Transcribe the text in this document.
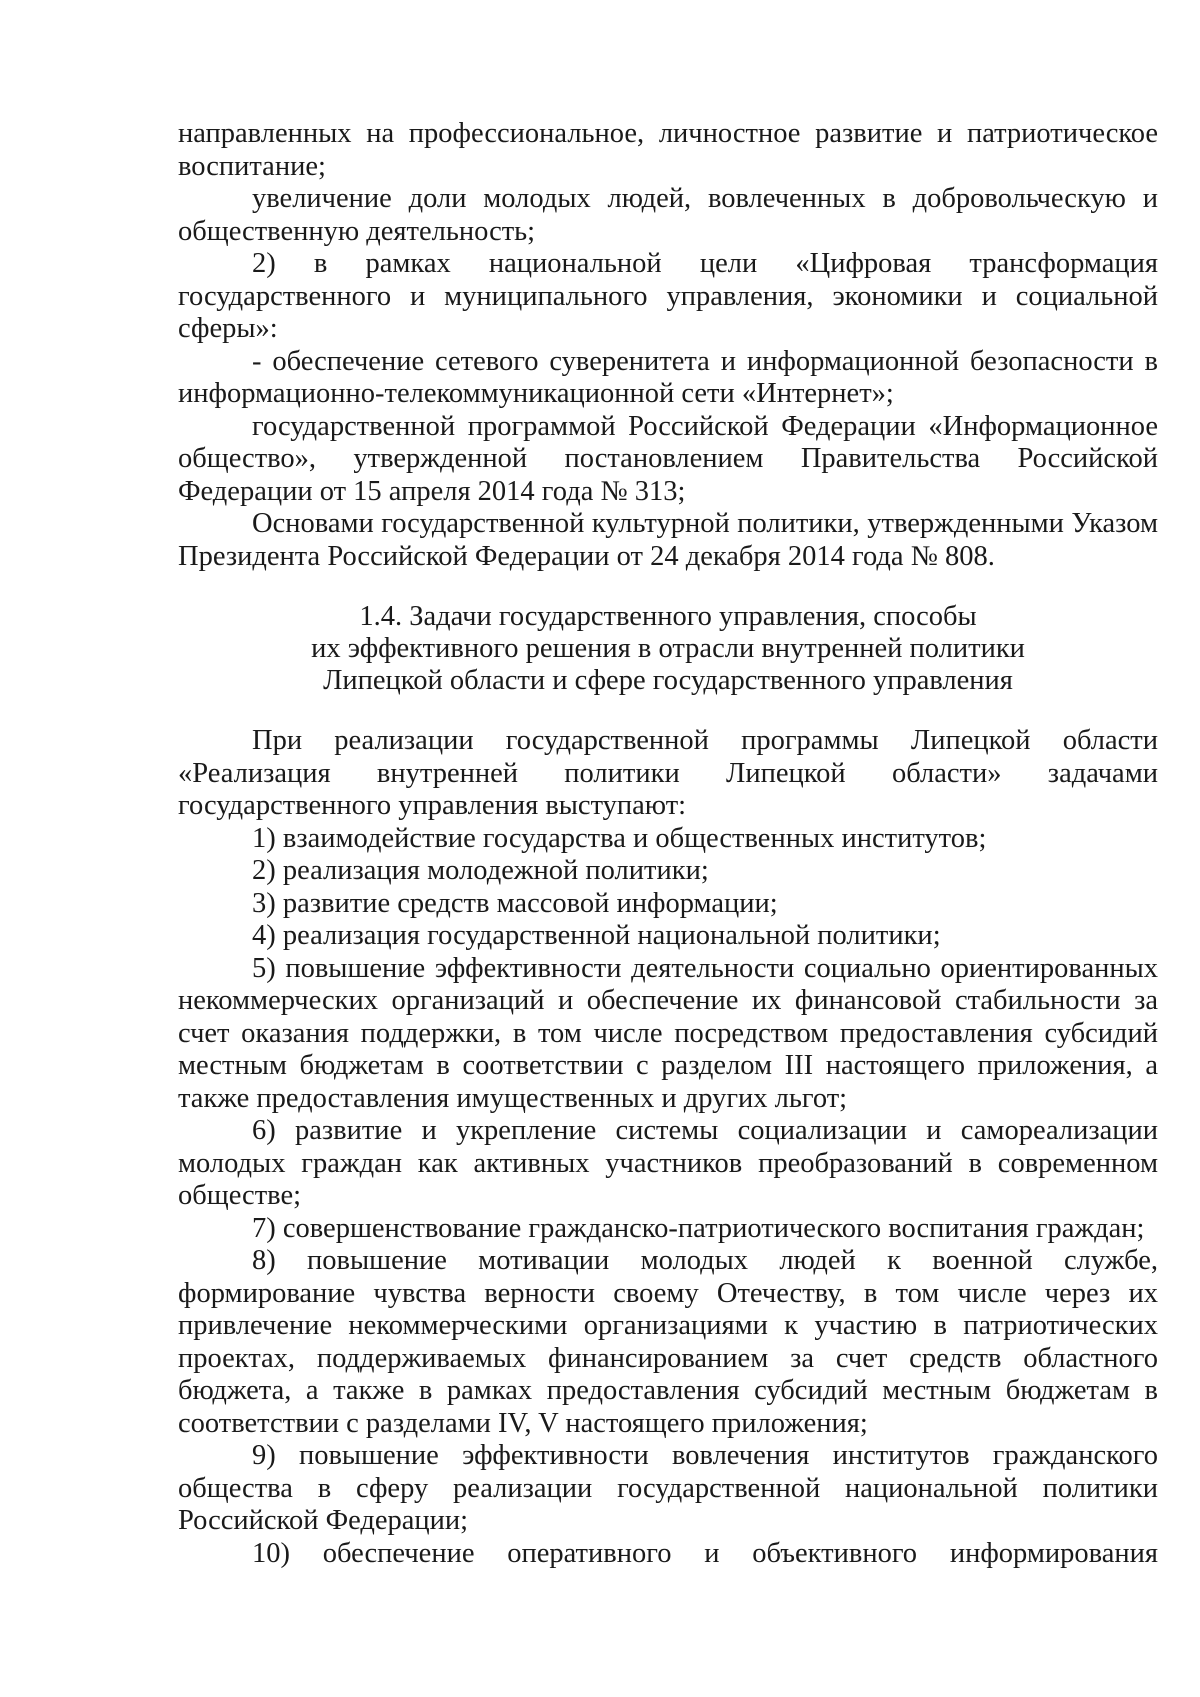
направленных на профессиональное, личностное развитие и патриотическое воспитание;

увеличение доли молодых людей, вовлеченных в добровольческую и общественную деятельность;

2) в рамках национальной цели «Цифровая трансформация государственного и муниципального управления, экономики и социальной сферы»:

- обеспечение сетевого суверенитета и информационной безопасности в информационно-телекоммуникационной сети «Интернет»;

государственной программой Российской Федерации «Информационное общество», утвержденной постановлением Правительства Российской Федерации от 15 апреля 2014 года № 313;

Основами государственной культурной политики, утвержденными Указом Президента Российской Федерации от 24 декабря 2014 года № 808.

1.4. Задачи государственного управления, способы

их эффективного решения в отрасли внутренней политики

Липецкой области и сфере государственного управления

При реализации государственной программы Липецкой области «Реализация внутренней политики Липецкой области» задачами государственного управления выступают:

1) взаимодействие государства и общественных институтов;

2) реализация молодежной политики;

3) развитие средств массовой информации;

4) реализация государственной национальной политики;

5) повышение эффективности деятельности социально ориентированных некоммерческих организаций и обеспечение их финансовой стабильности за счет оказания поддержки, в том числе посредством предоставления субсидий местным бюджетам в соответствии с разделом III настоящего приложения, а также предоставления имущественных и других льгот;

6) развитие и укрепление системы социализации и самореализации молодых граждан как активных участников преобразований в современном обществе;

7) совершенствование гражданско-патриотического воспитания граждан;

8) повышение мотивации молодых людей к военной службе, формирование чувства верности своему Отечеству, в том числе через их привлечение некоммерческими организациями к участию в патриотических проектах, поддерживаемых финансированием за счет средств областного бюджета, а также в рамках предоставления субсидий местным бюджетам в соответствии с разделами IV, V настоящего приложения;

9) повышение эффективности вовлечения институтов гражданского общества в сферу реализации государственной национальной политики Российской Федерации;

10) обеспечение оперативного и объективного информирования
